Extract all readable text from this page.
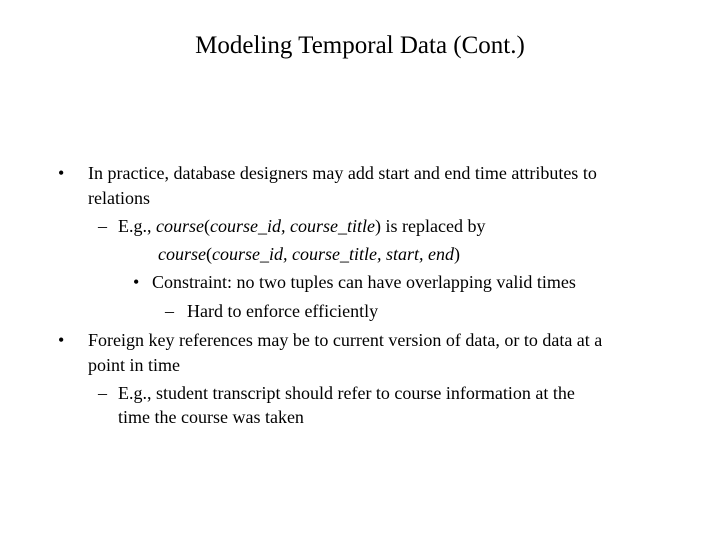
Modeling Temporal Data (Cont.)
• In practice, database designers may add start and end time attributes to
relations
– E.g., course(course_id, course_title) is replaced by
course(course_id, course_title, start, end)
• Constraint: no two tuples can have overlapping valid times
– Hard to enforce efficiently
• Foreign key references may be to current version of data, or to data at a
point in time
– E.g., student transcript should refer to course information at the
time the course was taken
